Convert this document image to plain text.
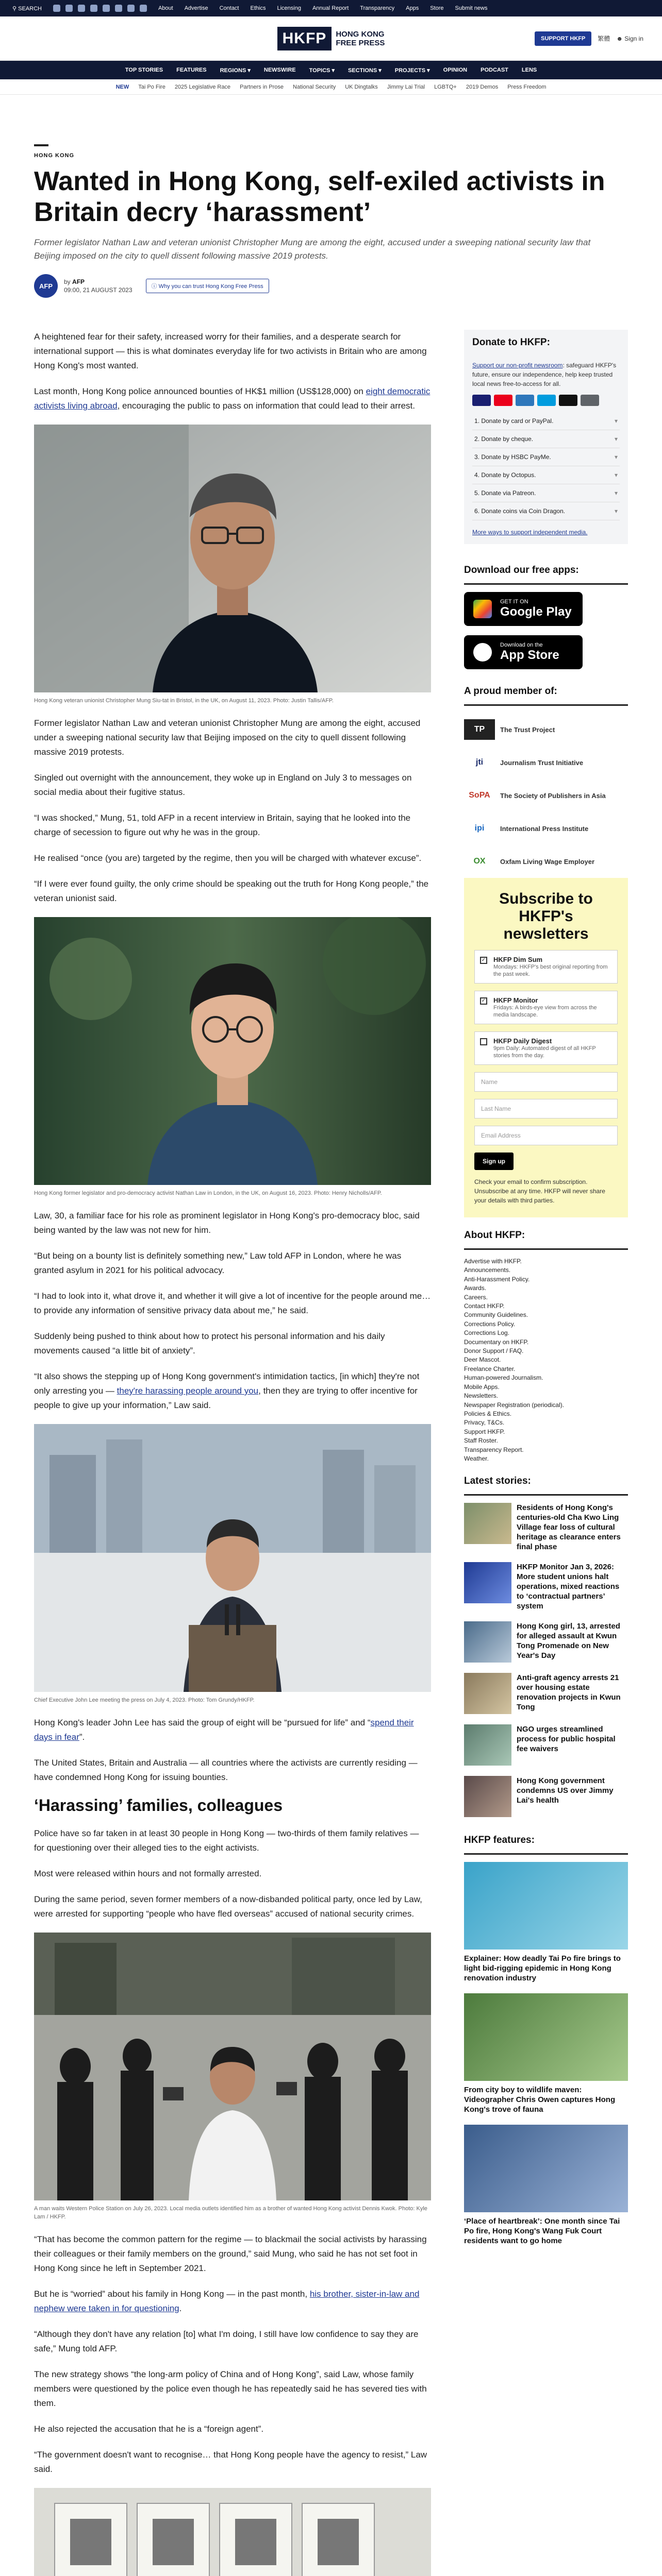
⚲ SEARCH	About Advertise Contact Ethics Licensing Annual Report Transparency Apps Store Submit news
HKFP	HONG KONG
FREE PRESS	SUPPORT HKFP	繁體 ☻ Sign in
TOP STORIES FEATURES REGIONS ▾ NEWSWIRE TOPICS ▾ SECTIONS ▾ PROJECTS ▾ OPINION PODCAST LENS
NEW Tai Po Fire 2025 Legislative Race Partners in Prose National Security UK Dingtalks Jimmy Lai Trial LGBTQ+ 2019 Demos Press Freedom
HONG KONG
Wanted in Hong Kong, self-exiled activists in Britain decry ‘harassment’

Former legislator Nathan Law and veteran unionist Christopher Mung are among the eight, accused under a sweeping national security law that Beijing imposed on the city to quell dissent following massive 2019 protests.

AFP
by AFP
09:00, 21 AUGUST 2023	ⓘ Why you can trust Hong Kong Free Press

A heightened fear for their safety, increased worry for their families, and a desperate search for international support — this is what dominates everyday life for two activists in Britain who are among Hong Kong's most wanted.

Last month, Hong Kong police announced bounties of HK$1 million (US$128,000) on eight democratic activists living abroad, encouraging the public to pass on information that could lead to their arrest.

Hong Kong veteran unionist Christopher Mung Siu-tat in Bristol, in the UK, on August 11, 2023. Photo: Justin Tallis/AFP.

Former legislator Nathan Law and veteran unionist Christopher Mung are among the eight, accused under a sweeping national security law that Beijing imposed on the city to quell dissent following massive 2019 protests.

Singled out overnight with the announcement, they woke up in England on July 3 to messages on social media about their fugitive status.

“I was shocked,” Mung, 51, told AFP in a recent interview in Britain, saying that he looked into the charge of secession to figure out why he was in the group.

He realised “once (you are) targeted by the regime, then you will be charged with whatever excuse”.

“If I were ever found guilty, the only crime should be speaking out the truth for Hong Kong people,” the veteran unionist said.

Hong Kong former legislator and pro-democracy activist Nathan Law in London, in the UK, on August 16, 2023. Photo: Henry Nicholls/AFP.

Law, 30, a familiar face for his role as prominent legislator in Hong Kong's pro-democracy bloc, said being wanted by the law was not new for him.

“But being on a bounty list is definitely something new,” Law told AFP in London, where he was granted asylum in 2021 for his political advocacy.

“I had to look into it, what drove it, and whether it will give a lot of incentive for the people around me… to provide any information of sensitive privacy data about me,” he said.

Suddenly being pushed to think about how to protect his personal information and his daily movements caused “a little bit of anxiety”.

“It also shows the stepping up of Hong Kong government's intimidation tactics, [in which] they're not only arresting you — they're harassing people around you, then they are trying to offer incentive for people to give up your information,” Law said.

Chief Executive John Lee meeting the press on July 4, 2023. Photo: Tom Grundy/HKFP.

Hong Kong's leader John Lee has said the group of eight will be “pursued for life” and “spend their days in fear”.

The United States, Britain and Australia — all countries where the activists are currently residing — have condemned Hong Kong for issuing bounties.

‘Harassing’ families, colleagues

Police have so far taken in at least 30 people in Hong Kong — two-thirds of them family relatives — for questioning over their alleged ties to the eight activists.

Most were released within hours and not formally arrested.

During the same period, seven former members of a now-disbanded political party, once led by Law, were arrested for supporting “people who have fled overseas” accused of national security crimes.

A man waits Western Police Station on July 26, 2023. Local media outlets identified him as a brother of wanted Hong Kong activist Dennis Kwok. Photo: Kyle Lam / HKFP.

“That has become the common pattern for the regime — to blackmail the social activists by harassing their colleagues or their family members on the ground,” said Mung, who said he has not set foot in Hong Kong since he left in September 2021.

But he is “worried” about his family in Hong Kong — in the past month, his brother, sister-in-law and nephew were taken in for questioning.

“Although they don't have any relation [to] what I'm doing, I still have low confidence to say they are safe,” Mung told AFP.

The new strategy shows “the long-arm policy of China and of Hong Kong”, said Law, whose family members were questioned by the police even though he has repeatedly said he has severed ties with them.

He also rejected the accusation that he is a “foreign agent”.

“The government doesn't want to recognise… that Hong Kong people have the agency to resist,” Law said.

Donate to HKFP:

Support our non-profit newsroom: safeguard HKFP's future, ensure our independence, help keep trusted local news free-to-access for all.

1. Donate by card or PayPal.	▾
2. Donate by cheque.	▾
3. Donate by HSBC PayMe.	▾
4. Donate by Octopus.	▾
5. Donate via Patreon.	▾
6. Donate coins via Coin Dragon.	▾

More ways to support independent media.

Download our free apps:
GET IT ON
Google Play
Download on the
App Store
A proud member of:
TP	The Trust Project
jti	Journalism Trust Initiative
SoPA	The Society of Publishers in Asia
ipi	International Press Institute
OX	Oxfam Living Wage Employer
Subscribe to HKFP's newsletters
✓ HKFP Dim Sum
Mondays: HKFP's best original reporting from the past week.
✓ HKFP Monitor
Fridays: A birds-eye view from across the media landscape.
HKFP Daily Digest
9pm Daily: Automated digest of all HKFP stories from the day.
Name
Last Name
Email Address
Sign up

Check your email to confirm subscription. Unsubscribe at any time. HKFP will never share your details with third parties.

About HKFP:
Advertise with HKFP.
Announcements.
Anti-Harassment Policy.
Awards.
Careers.
Contact HKFP.
Community Guidelines.
Corrections Policy.
Corrections Log.
Documentary on HKFP.
Donor Support / FAQ.
Deer Mascot.
Freelance Charter.
Human-powered Journalism.
Mobile Apps.
Newsletters.
Newspaper Registration (periodical).
Policies & Ethics.
Privacy, T&Cs.
Support HKFP.
Staff Roster.
Transparency Report.
Weather.
Latest stories:
Residents of Hong Kong's centuries-old Cha Kwo Ling Village fear loss of cultural heritage as clearance enters final phase
HKFP Monitor Jan 3, 2026: More student unions halt operations, mixed reactions to ‘contractual partners’ system
Hong Kong girl, 13, arrested for alleged assault at Kwun Tong Promenade on New Year's Day
Anti-graft agency arrests 21 over housing estate renovation projects in Kwun Tong
NGO urges streamlined process for public hospital fee waivers
Hong Kong government condemns US over Jimmy Lai's health
HKFP features:
Explainer: How deadly Tai Po fire brings to light bid-rigging epidemic in Hong Kong renovation industry
From city boy to wildlife maven: Videographer Chris Owen captures Hong Kong's trove of fauna
‘Place of heartbreak’: One month since Tai Po fire, Hong Kong's Wang Fuk Court residents want to go home
